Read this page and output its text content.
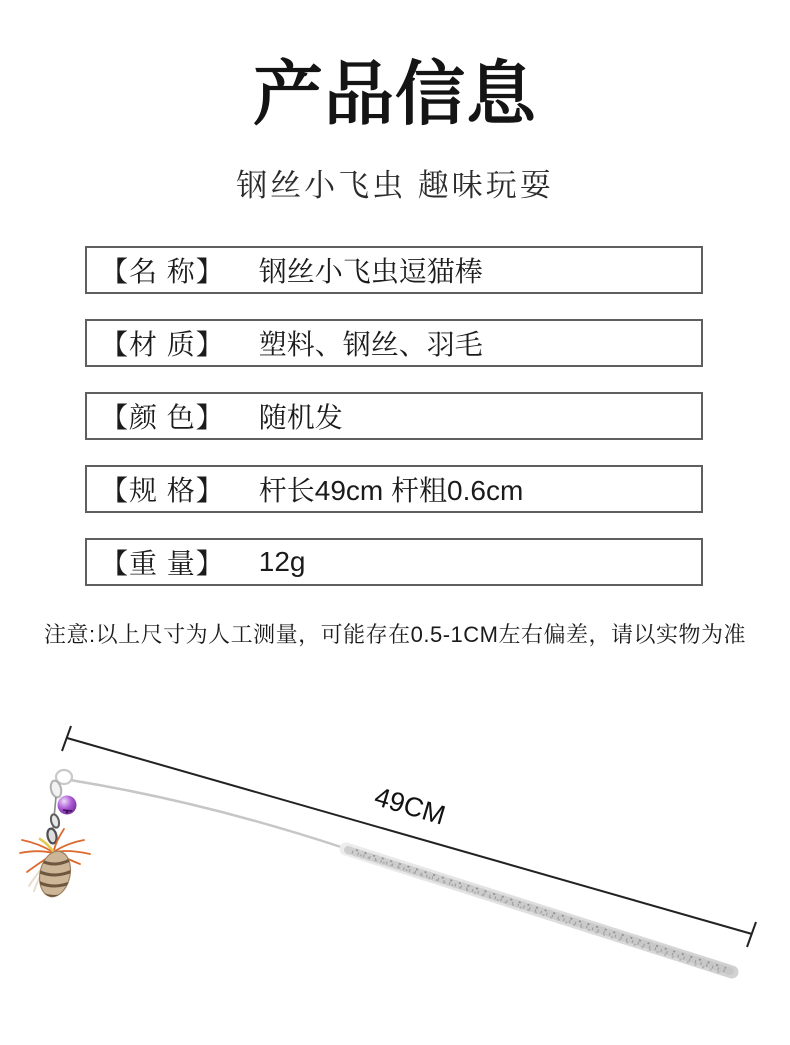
产品信息
钢丝小飞虫 趣味玩耍
【名 称】 钢丝小飞虫逗猫棒
【材 质】 塑料、钢丝、羽毛
【颜 色】 随机发
【规 格】 杆长49cm 杆粗0.6cm
【重 量】 12g
注意:以上尺寸为人工测量，可能存在0.5-1CM左右偏差，请以实物为准
49CM
